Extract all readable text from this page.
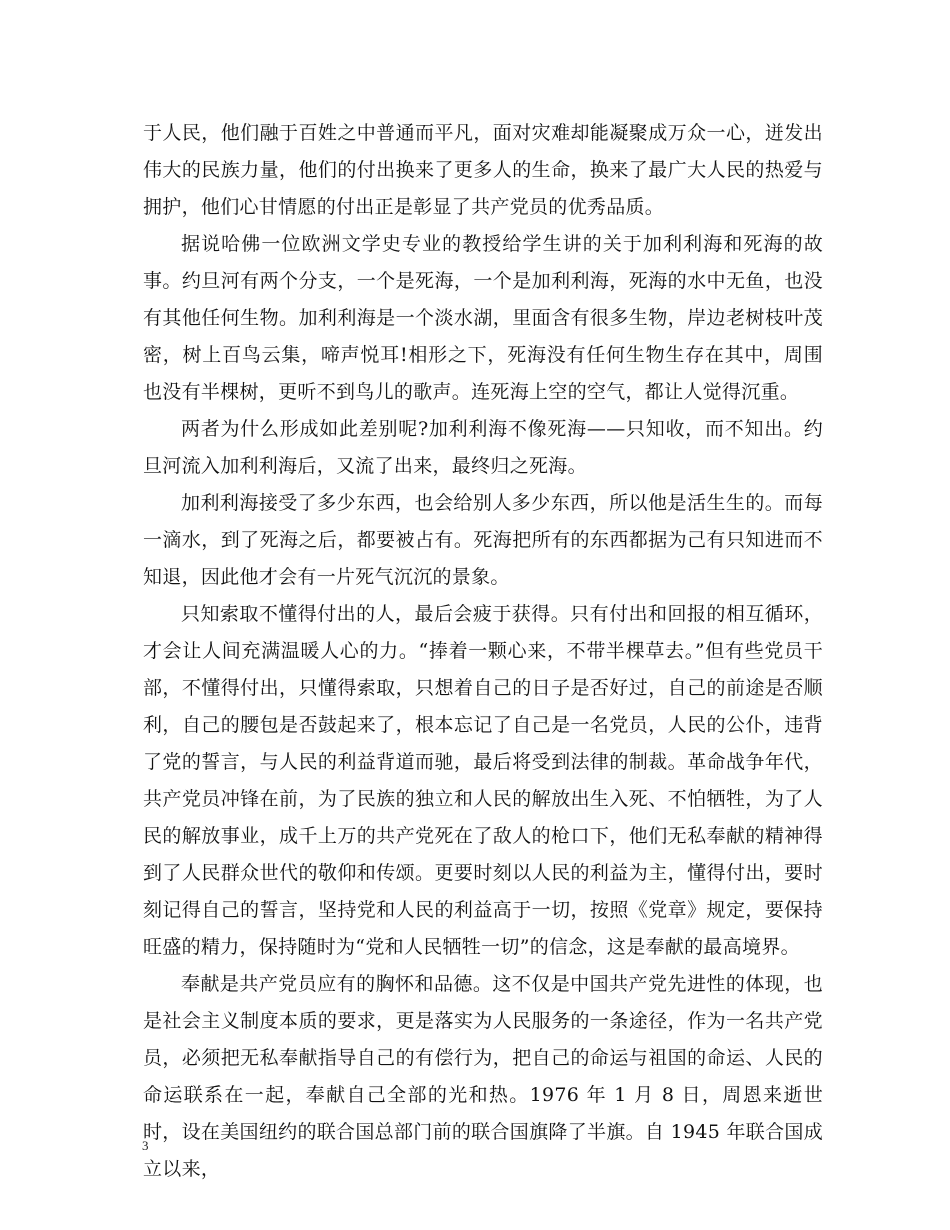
于人民，他们融于百姓之中普通而平凡，面对灾难却能凝聚成万众一心，迸发出伟大的民族力量，他们的付出换来了更多人的生命，换来了最广大人民的热爱与拥护，他们心甘情愿的付出正是彰显了共产党员的优秀品质。

据说哈佛一位欧洲文学史专业的教授给学生讲的关于加利利海和死海的故事。约旦河有两个分支，一个是死海，一个是加利利海，死海的水中无鱼，也没有其他任何生物。加利利海是一个淡水湖，里面含有很多生物，岸边老树枝叶茂密，树上百鸟云集，啼声悦耳!相形之下，死海没有任何生物生存在其中，周围也没有半棵树，更听不到鸟儿的歌声。连死海上空的空气，都让人觉得沉重。

两者为什么形成如此差别呢?加利利海不像死海——只知收，而不知出。约旦河流入加利利海后，又流了出来，最终归之死海。

加利利海接受了多少东西，也会给别人多少东西，所以他是活生生的。而每一滴水，到了死海之后，都要被占有。死海把所有的东西都据为己有只知进而不知退，因此他才会有一片死气沉沉的景象。

只知索取不懂得付出的人，最后会疲于获得。只有付出和回报的相互循环，才会让人间充满温暖人心的力。“捧着一颗心来，不带半棵草去。”但有些党员干部，不懂得付出，只懂得索取，只想着自己的日子是否好过，自己的前途是否顺利，自己的腰包是否鼓起来了，根本忘记了自己是一名党员，人民的公仆，违背了党的誓言，与人民的利益背道而驰，最后将受到法律的制裁。革命战争年代，共产党员冲锋在前，为了民族的独立和人民的解放出生入死、不怕牺牲，为了人民的解放事业，成千上万的共产党死在了敌人的枪口下，他们无私奉献的精神得到了人民群众世代的敬仰和传颂。更要时刻以人民的利益为主，懂得付出，要时刻记得自己的誓言，坚持党和人民的利益高于一切，按照《党章》规定，要保持旺盛的精力，保持随时为“党和人民牺牲一切”的信念，这是奉献的最高境界。

奉献是共产党员应有的胸怀和品德。这不仅是中国共产党先进性的体现，也是社会主义制度本质的要求，更是落实为人民服务的一条途径，作为一名共产党员，必须把无私奉献指导自己的有偿行为，把自己的命运与祖国的命运、人民的命运联系在一起，奉献自己全部的光和热。1976 年 1 月 8 日，周恩来逝世时，设在美国纽约的联合国总部门前的联合国旗降了半旗。自 1945 年联合国成立以来，

3
